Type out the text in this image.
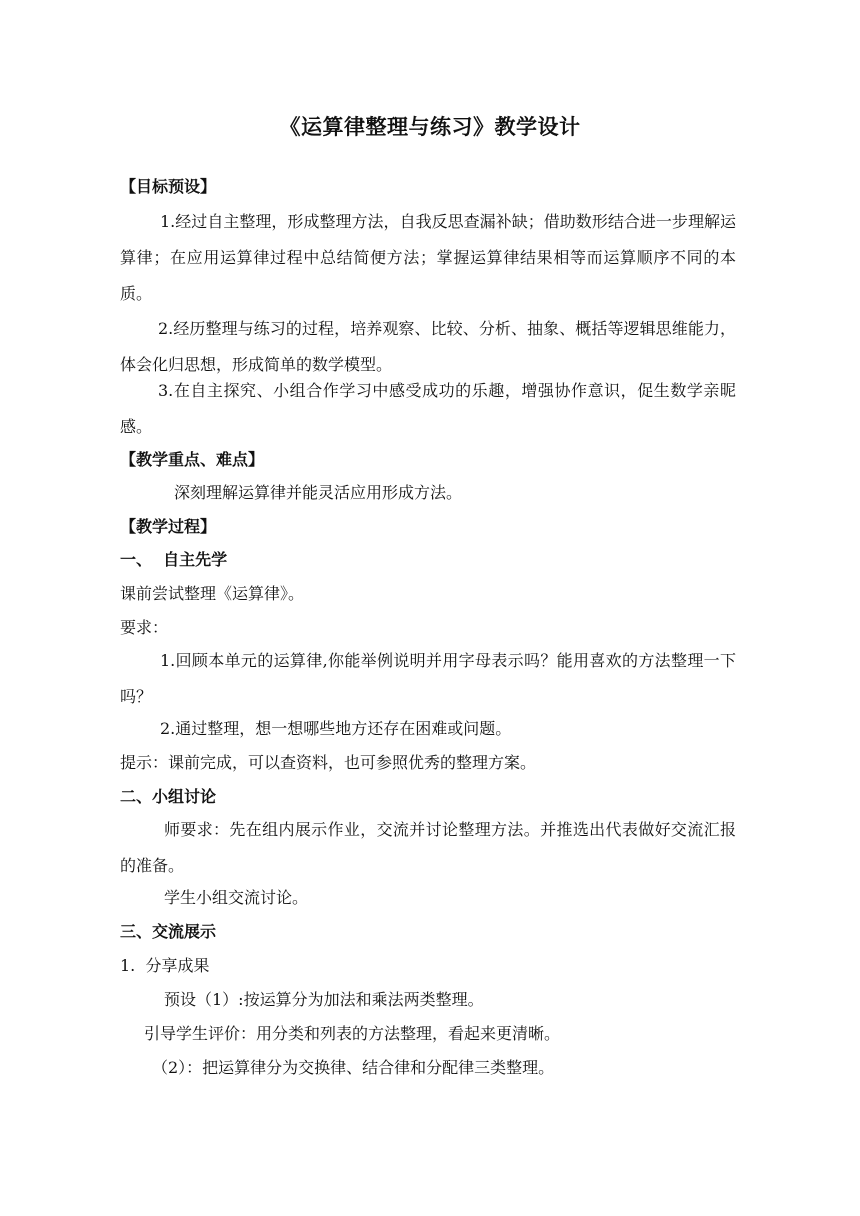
《运算律整理与练习》教学设计
【目标预设】
1.经过自主整理，形成整理方法，自我反思查漏补缺；借助数形结合进一步理解运算律；在应用运算律过程中总结简便方法；掌握运算律结果相等而运算顺序不同的本质。
2.经历整理与练习的过程，培养观察、比较、分析、抽象、概括等逻辑思维能力，体会化归思想，形成简单的数学模型。
3.在自主探究、小组合作学习中感受成功的乐趣，增强协作意识，促生数学亲昵感。
【教学重点、难点】
深刻理解运算律并能灵活应用形成方法。
【教学过程】
一、  自主先学
课前尝试整理《运算律》。
要求：
1.回顾本单元的运算律,你能举例说明并用字母表示吗？能用喜欢的方法整理一下吗？
2.通过整理，想一想哪些地方还存在困难或问题。
提示：课前完成，可以查资料，也可参照优秀的整理方案。
二、小组讨论
师要求：先在组内展示作业，交流并讨论整理方法。并推选出代表做好交流汇报的准备。
学生小组交流讨论。
三、交流展示
1.  分享成果
预设（1）:按运算分为加法和乘法两类整理。
引导学生评价：用分类和列表的方法整理，看起来更清晰。
（2）：把运算律分为交换律、结合律和分配律三类整理。
